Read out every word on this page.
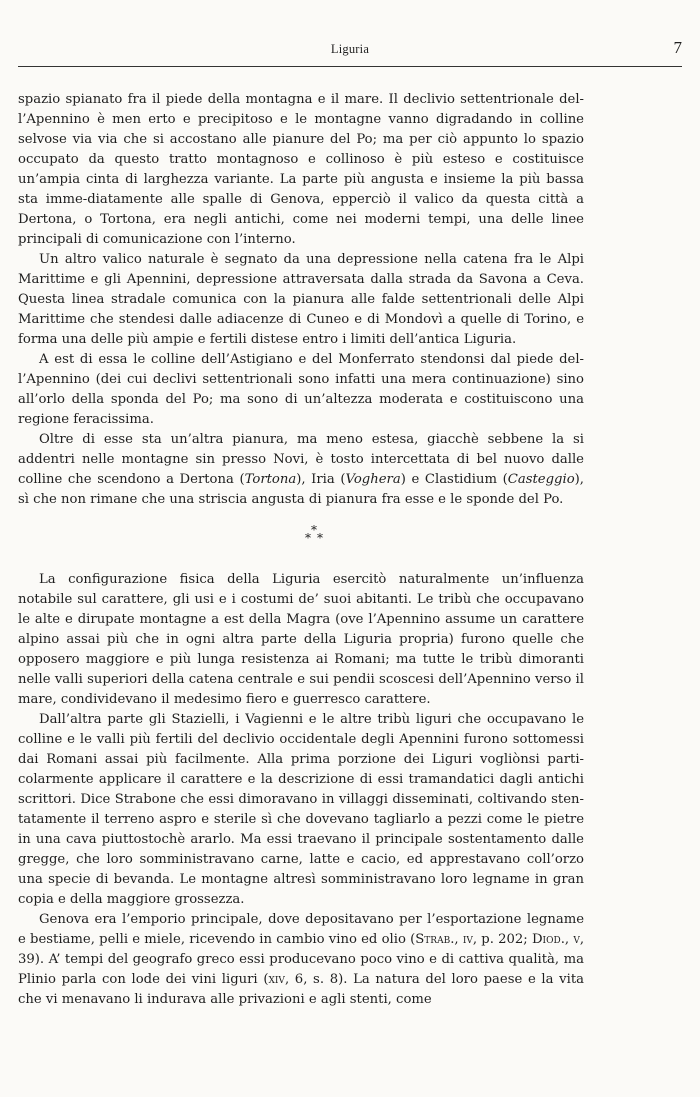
Liguria	7

spazio spianato fra il piede della montagna e il mare. Il declivio settentrionale del-l’Apennino è men erto e precipitoso e le montagne vanno digradando in colline selvose via via che si accostano alle pianure del Po; ma per ciò appunto lo spazio occupato da questo tratto montagnoso e collinoso è più esteso e costituisce un’ampia cinta di larghezza variante. La parte più angusta e insieme la più bassa sta imme-diatamente alle spalle di Genova, epperciò il valico da questa città a Dertona, o Tortona, era negli antichi, come nei moderni tempi, una delle linee principali di comunicazione con l’interno.

Un altro valico naturale è segnato da una depressione nella catena fra le Alpi Marittime e gli Apennini, depressione attraversata dalla strada da Savona a Ceva. Questa linea stradale comunica con la pianura alle falde settentrionali delle Alpi Marittime che stendesi dalle adiacenze di Cuneo e di Mondovì a quelle di Torino, e forma una delle più ampie e fertili distese entro i limiti dell’antica Liguria.

A est di essa le colline dell’Astigiano e del Monferrato stendonsi dal piede del-l’Apennino (dei cui declivi settentrionali sono infatti una mera continuazione) sino all’orlo della sponda del Po; ma sono di un’altezza moderata e costituiscono una regione feracissima.

Oltre di esse sta un’altra pianura, ma meno estesa, giacchè sebbene la si addentri nelle montagne sin presso Novi, è tosto intercettata di bel nuovo dalle colline che scendono a Dertona (Tortona), Iria (Voghera) e Clastidium (Casteggio), sì che non rimane che una striscia angusta di pianura fra esse e le sponde del Po.

*
* *

La configurazione fisica della Liguria esercitò naturalmente un’influenza notabile sul carattere, gli usi e i costumi de’ suoi abitanti. Le tribù che occupavano le alte e dirupate montagne a est della Magra (ove l’Apennino assume un carattere alpino assai più che in ogni altra parte della Liguria propria) furono quelle che opposero maggiore e più lunga resistenza ai Romani; ma tutte le tribù dimoranti nelle valli superiori della catena centrale e sui pendii scoscesi dell’Apennino verso il mare, condividevano il medesimo fiero e guerresco carattere.

Dall’altra parte gli Stazielli, i Vagienni e le altre tribù liguri che occupavano le colline e le valli più fertili del declivio occidentale degli Apennini furono sottomessi dai Romani assai più facilmente. Alla prima porzione dei Liguri vogliònsi parti-colarmente applicare il carattere e la descrizione di essi tramandatici dagli antichi scrittori. Dice Strabone che essi dimoravano in villaggi disseminati, coltivando sten-tatamente il terreno aspro e sterile sì che dovevano tagliarlo a pezzi come le pietre in una cava piuttostochè ararlo. Ma essi traevano il principale sostentamento dalle gregge, che loro somministravano carne, latte e cacio, ed apprestavano coll’orzo una specie di bevanda. Le montagne altresì somministravano loro legname in gran copia e della maggiore grossezza.

Genova era l’emporio principale, dove depositavano per l’esportazione legname e bestiame, pelli e miele, ricevendo in cambio vino ed olio (Strab., iv, p. 202; Diod., v, 39). A’ tempi del geografo greco essi producevano poco vino e di cattiva qualità, ma Plinio parla con lode dei vini liguri (xiv, 6, s. 8). La natura del loro paese e la vita che vi menavano li indurava alle privazioni e agli stenti, come
